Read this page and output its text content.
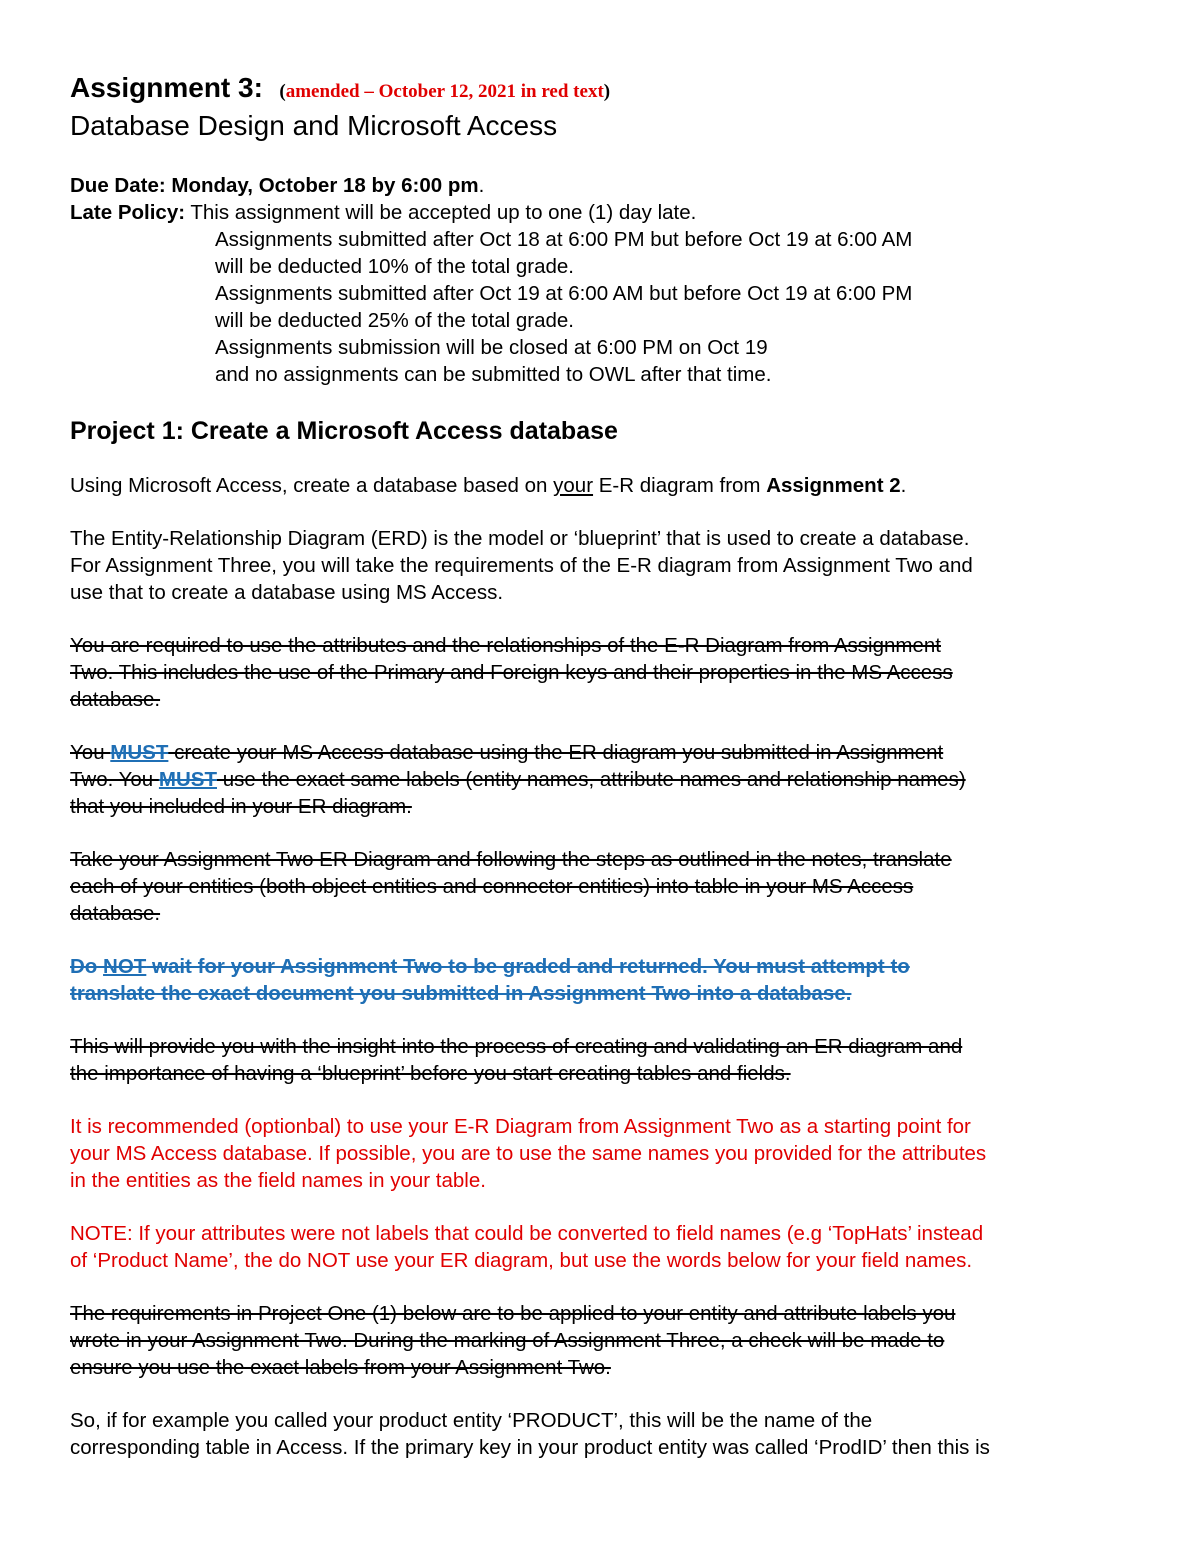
Assignment 3: (amended – October 12, 2021 in red text)
Database Design and Microsoft Access
Due Date: Monday, October 18 by 6:00 pm.
Late Policy: This assignment will be accepted up to one (1) day late.
Assignments submitted after Oct 18 at 6:00 PM but before Oct 19 at 6:00 AM
will be deducted 10% of the total grade.
Assignments submitted after Oct 19 at 6:00 AM but before Oct 19 at 6:00 PM
will be deducted 25% of the total grade.
Assignments submission will be closed at 6:00 PM on Oct 19
and no assignments can be submitted to OWL after that time.
Project 1: Create a Microsoft Access database
Using Microsoft Access, create a database based on your E-R diagram from Assignment 2.
The Entity-Relationship Diagram (ERD) is the model or ‘blueprint’ that is used to create a database.
For Assignment Three, you will take the requirements of the E-R diagram from Assignment Two and
use that to create a database using MS Access.
You are required to use the attributes and the relationships of the E-R Diagram from Assignment
Two. This includes the use of the Primary and Foreign keys and their properties in the MS Access
database.
You MUST create your MS Access database using the ER diagram you submitted in Assignment
Two. You MUST use the exact same labels (entity names, attribute names and relationship names)
that you included in your ER diagram.
Take your Assignment Two ER Diagram and following the steps as outlined in the notes, translate
each of your entities (both object entities and connector entities) into table in your MS Access
database.
Do NOT wait for your Assignment Two to be graded and returned. You must attempt to
translate the exact document you submitted in Assignment Two into a database.
This will provide you with the insight into the process of creating and validating an ER diagram and
the importance of having a ‘blueprint’ before you start creating tables and fields.
It is recommended (optionbal) to use your E-R Diagram from Assignment Two as a starting point for
your MS Access database. If possible, you are to use the same names you provided for the attributes
in the entities as the field names in your table.
NOTE: If your attributes were not labels that could be converted to field names (e.g ‘TopHats’ instead
of ‘Product Name’, the do NOT use your ER diagram, but use the words below for your field names.
The requirements in Project One (1) below are to be applied to your entity and attribute labels you
wrote in your Assignment Two. During the marking of Assignment Three, a check will be made to
ensure you use the exact labels from your Assignment Two.
So, if for example you called your product entity ‘PRODUCT’, this will be the name of the
corresponding table in Access. If the primary key in your product entity was called ‘ProdID’ then this is
